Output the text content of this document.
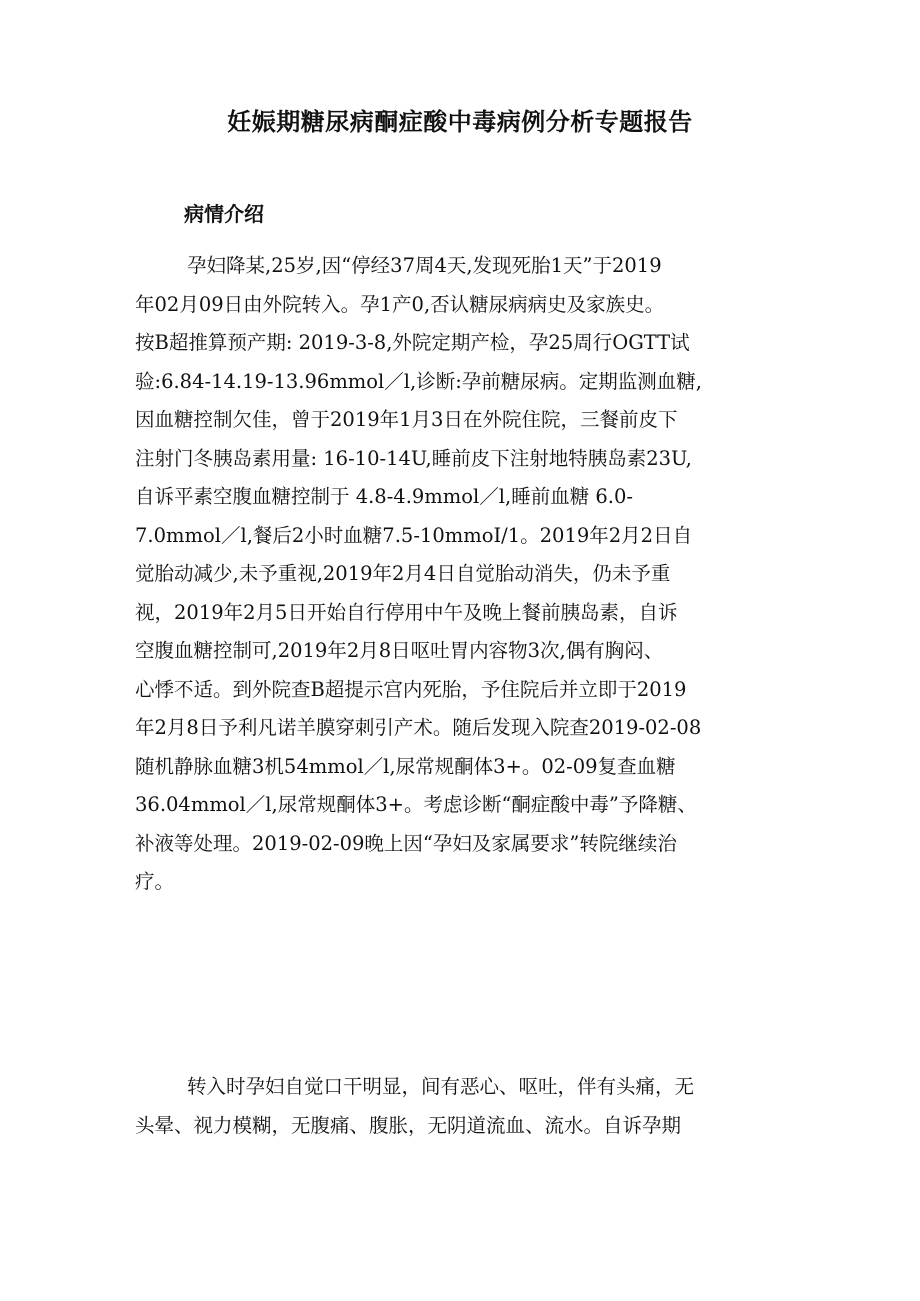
妊娠期糖尿病酮症酸中毒病例分析专题报告
病情介绍
孕妇降某,25岁,因“停经37周4天,发现死胎1天”于2019
年02月09日由外院转入。孕1产0,否认糖尿病病史及家族史。
按B超推算预产期: 2019-3-8,外院定期产检，孕25周行OGTT试
验:6.84-14.19-13.96mmol／l,诊断:孕前糖尿病。定期监测血糖,
因血糖控制欠佳，曾于2019年1月3日在外院住院，三餐前皮下
注射门冬胰岛素用量: 16-10-14U,睡前皮下注射地特胰岛素23U,
自诉平素空腹血糖控制于 4.8-4.9mmol／l,睡前血糖 6.0-
7.0mmol／l,餐后2小时血糖7.5-10mmoI/1。2019年2月2日自
觉胎动减少,未予重视,2019年2月4日自觉胎动消失，仍未予重
视，2019年2月5日开始自行停用中午及晚上餐前胰岛素，自诉
空腹血糖控制可,2019年2月8日呕吐胃内容物3次,偶有胸闷、
心悸不适。到外院查B超提示宫内死胎，予住院后并立即于2019
年2月8日予利凡诺羊膜穿刺引产术。随后发现入院查2019-02-08
随机静脉血糖3机54mmol／l,尿常规酮体3+。02-09复查血糖
36.04mmol／l,尿常规酮体3+。考虑诊断“酮症酸中毒”予降糖、
补液等处理。2019-02-09晚上因“孕妇及家属要求”转院继续治
疗。
转入时孕妇自觉口干明显，间有恶心、呕吐，伴有头痛，无
头晕、视力模糊，无腹痛、腹胀，无阴道流血、流水。自诉孕期
